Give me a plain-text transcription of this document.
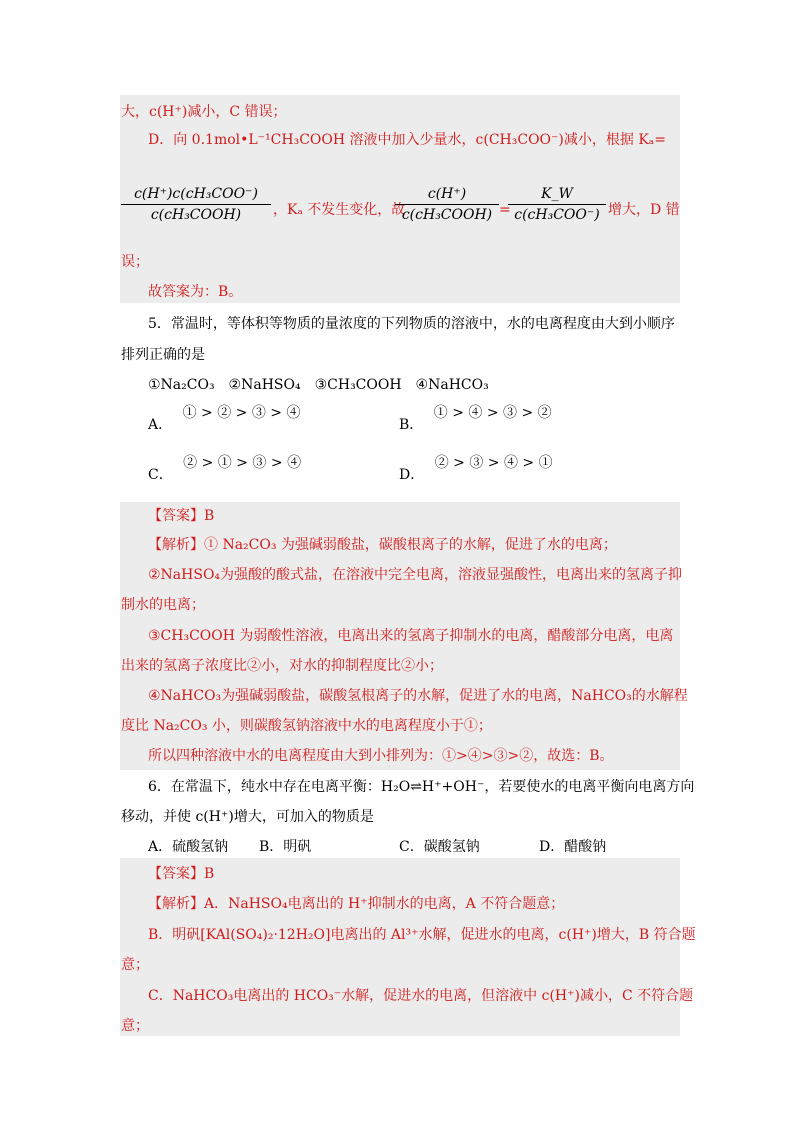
大，c(H⁺)减小，C 错误；
D．向 0.1mol•L⁻¹CH₃COOH 溶液中加入少量水，c(CH₃COO⁻)减小，根据 Kₐ=
c(H⁺)c(cH₃COO⁻)
c(cH₃COOH)	，Kₐ 不发生变化，故
c(H⁺)
c(cH₃COOH) =
K_W
c(cH₃COO⁻) 增大，D 错
误；
故答案为：B。
5．常温时，等体积等物质的量浓度的下列物质的溶液中，水的电离程度由大到小顺序
排列正确的是
①Na₂CO₃　②NaHSO₄　③CH₃COOH　④NaHCO₃
A． ① > ② > ③ > ④
B． ① > ④ > ③ > ②
C． ② > ① > ③ > ④
D． ② > ③ > ④ > ①
【答案】B
【解析】① Na₂CO₃ 为强碱弱酸盐，碳酸根离子的水解，促进了水的电离；
②NaHSO₄为强酸的酸式盐，在溶液中完全电离，溶液显强酸性，电离出来的氢离子抑
制水的电离；
③CH₃COOH 为弱酸性溶液，电离出来的氢离子抑制水的电离，醋酸部分电离，电离
出来的氢离子浓度比②小，对水的抑制程度比②小；
④NaHCO₃为强碱弱酸盐，碳酸氢根离子的水解，促进了水的电离，NaHCO₃的水解程
度比 Na₂CO₃ 小，则碳酸氢钠溶液中水的电离程度小于①；
所以四种溶液中水的电离程度由大到小排列为：①>④>③>②，故选：B。
6．在常温下，纯水中存在电离平衡：H₂O⇌H⁺+OH⁻，若要使水的电离平衡向电离方向
移动，并使 c(H⁺)增大，可加入的物质是
A．硫酸氢钠 B．明矾	C．碳酸氢钠	D．醋酸钠
【答案】B
【解析】A．NaHSO₄电离出的 H⁺抑制水的电离，A 不符合题意；
B．明矾[KAl(SO₄)₂·12H₂O]电离出的 Al³⁺水解，促进水的电离，c(H⁺)增大，B 符合题
意；
C．NaHCO₃电离出的 HCO₃⁻水解，促进水的电离，但溶液中 c(H⁺)减小，C 不符合题
意；
